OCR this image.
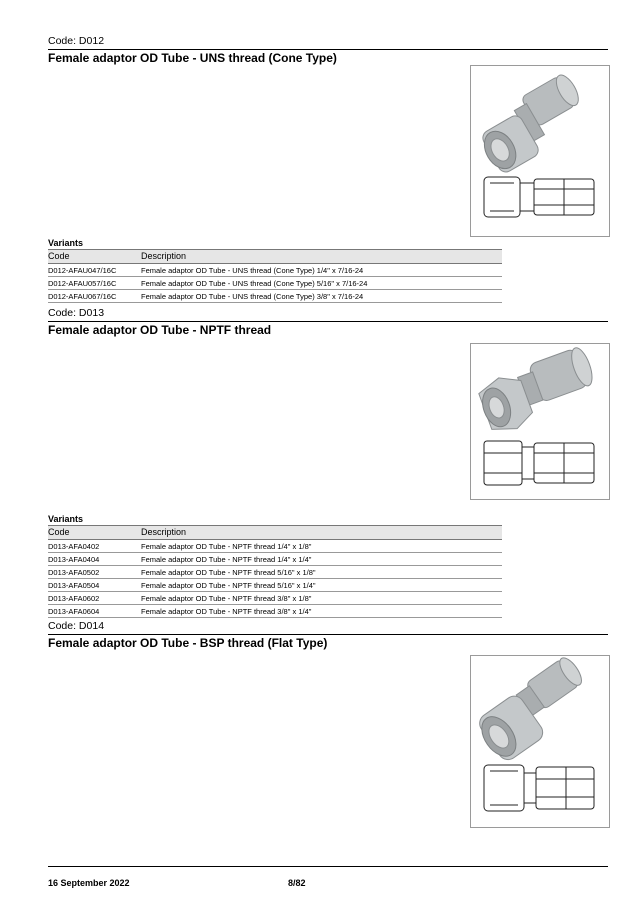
Code: D012
Female adaptor OD Tube - UNS thread (Cone Type)
Variants
Code	Description
D012-AFAU047/16C	Female adaptor OD Tube - UNS thread (Cone Type) 1/4" x 7/16-24
D012-AFAU057/16C	Female adaptor OD Tube - UNS thread (Cone Type) 5/16" x 7/16-24
D012-AFAU067/16C	Female adaptor OD Tube - UNS thread (Cone Type) 3/8" x 7/16-24
Code: D013
Female adaptor OD Tube - NPTF thread
Variants
Code	Description
D013-AFA0402	Female adaptor OD Tube - NPTF thread 1/4" x 1/8"
D013-AFA0404	Female adaptor OD Tube - NPTF thread 1/4" x 1/4"
D013-AFA0502	Female adaptor OD Tube - NPTF thread 5/16" x 1/8"
D013-AFA0504	Female adaptor OD Tube - NPTF thread 5/16" x 1/4"
D013-AFA0602	Female adaptor OD Tube - NPTF thread 3/8" x 1/8"
D013-AFA0604	Female adaptor OD Tube - NPTF thread 3/8" x 1/4"
Code: D014
Female adaptor OD Tube - BSP thread (Flat Type)
16 September 2022	8/82
